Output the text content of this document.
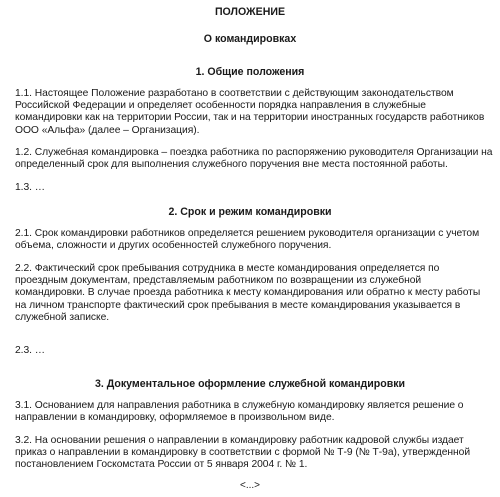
ПОЛОЖЕНИЕ
О командировках
1. Общие положения
1.1. Настоящее Положение разработано в соответствии с действующим законодательством
Российской Федерации и определяет особенности порядка направления в служебные
командировки как на территории России, так и на территории иностранных государств работников
ООО «Альфа» (далее – Организация).
1.2. Служебная командировка – поездка работника по распоряжению руководителя Организации на
определенный срок для выполнения служебного поручения вне места постоянной работы.
1.3. …
2. Срок и режим командировки
2.1. Срок командировки работников определяется решением руководителя организации с учетом
объема, сложности и других особенностей служебного поручения.
2.2. Фактический срок пребывания сотрудника в месте командирования определяется по
проездным документам, представляемым работником по возвращении из служебной
командировки. В случае проезда работника к месту командирования или обратно к месту работы
на личном транспорте фактический срок пребывания в месте командирования указывается в
служебной записке.
2.3. …
3. Документальное оформление служебной командировки
3.1. Основанием для направления работника в служебную командировку является решение о
направлении в командировку, оформляемое в произвольном виде.
3.2. На основании решения о направлении в командировку работник кадровой службы издает
приказ о направлении в командировку в соответствии с формой № Т-9 (№ Т-9а), утвержденной
постановлением Госкомстата России от 5 января 2004 г. № 1.
<...>
